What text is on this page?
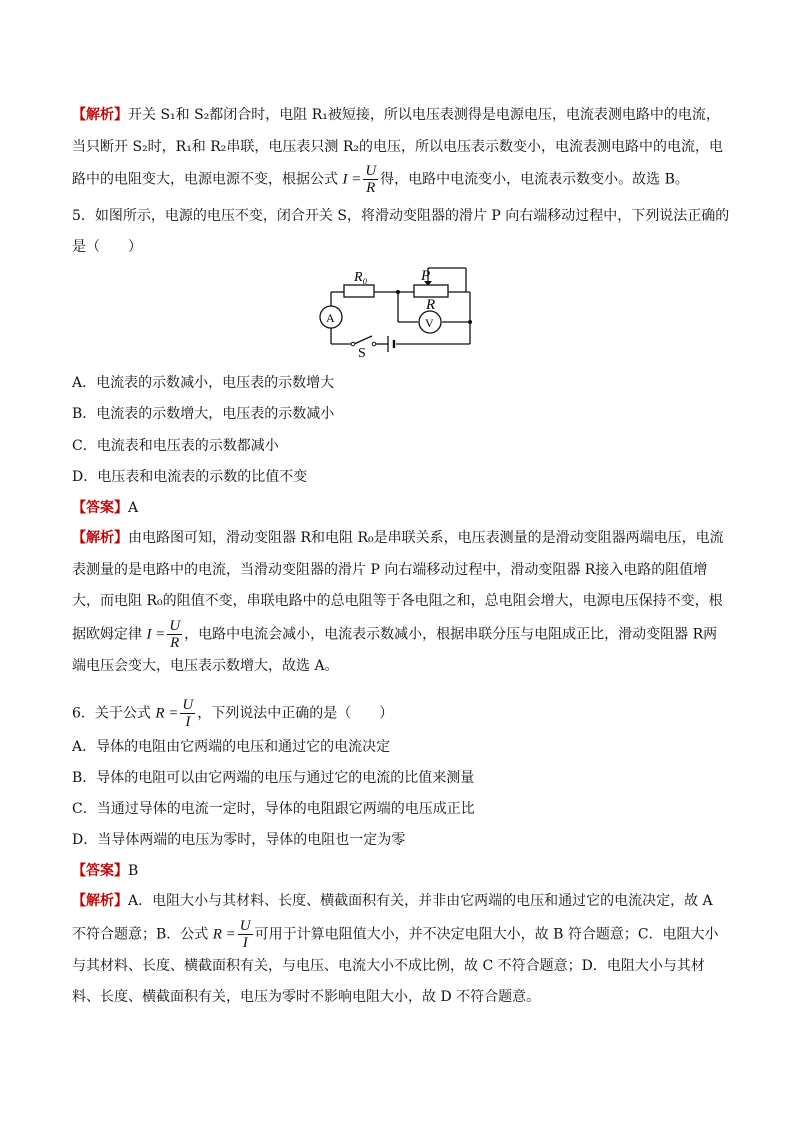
【解析】开关 S₁和 S₂都闭合时，电阻 R₁被短接，所以电压表测得是电源电压，电流表测电路中的电流，当只断开 S₂时，R₁和 R₂串联，电压表只测 R₂的电压，所以电压表示数变小，电流表测电路中的电流，电路中的电阻变大，电源电源不变，根据公式 $I = \frac{U}{R}$ 得，电路中电流变小，电流表示数变小。故选 B。
5．如图所示，电源的电压不变，闭合开关 S，将滑动变阻器的滑片 P 向右端移动过程中，下列说法正确的
是（　　）
R₀	P
R
A	V
S
A．电流表的示数减小，电压表的示数增大
B．电流表的示数增大，电压表的示数减小
C．电流表和电压表的示数都减小
D．电压表和电流表的示数的比值不变
【答案】A
【解析】由电路图可知，滑动变阻器 R和电阻 R₀是串联关系，电压表测量的是滑动变阻器两端电压，电流表测量的是电路中的电流，当滑动变阻器的滑片 P 向右端移动过程中，滑动变阻器 R接入电路的阻值增大，而电阻 R₀的阻值不变，串联电路中的总电阻等于各电阻之和，总电阻会增大，电源电压保持不变，根据欧姆定律 $I = \frac{U}{R}$ ，电路中电流会减小，电流表示数减小，根据串联分压与电阻成正比，滑动变阻器 R两端电压会变大，电压表示数增大，故选 A。
6．关于公式 $R = \frac{U}{I}$ ，下列说法中正确的是（　　）
A．导体的电阻由它两端的电压和通过它的电流决定
B．导体的电阻可以由它两端的电压与通过它的电流的比值来测量
C．当通过导体的电流一定时，导体的电阻跟它两端的电压成正比
D．当导体两端的电压为零时，导体的电阻也一定为零
【答案】B
【解析】A．电阻大小与其材料、长度、横截面积有关，并非由它两端的电压和通过它的电流决定，故 A 不符合题意；B．公式 $R = \frac{U}{I}$ 可用于计算电阻值大小，并不决定电阻大小，故 B 符合题意；C．电阻大小与其材料、长度、横截面积有关，与电压、电流大小不成比例，故 C 不符合题意；D．电阻大小与其材料、长度、横截面积有关，电压为零时不影响电阻大小，故 D 不符合题意。
